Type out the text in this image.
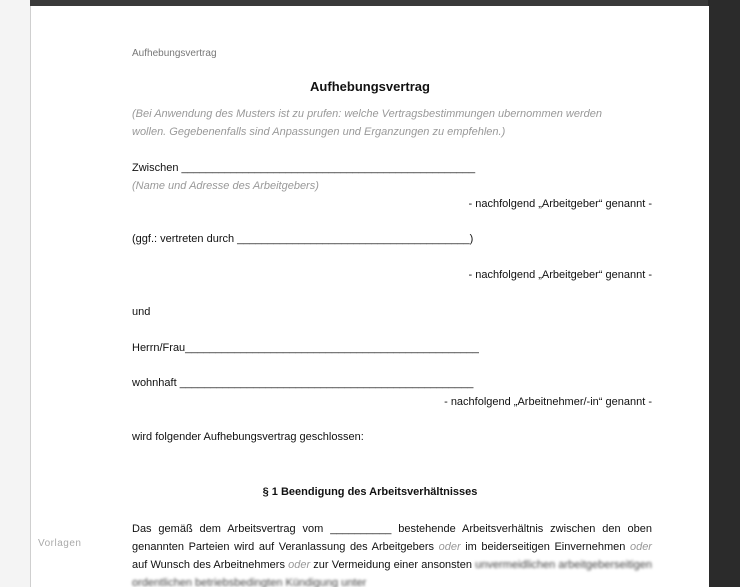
Aufhebungsvertrag
Aufhebungsvertrag
(Bei Anwendung des Musters ist zu prufen: welche Vertragsbestimmungen ubernommen werden
wollen. Gegebenenfalls sind Anpassungen und Erganzungen zu empfehlen.)
Zwischen ________________________________________________
(Name und Adresse des Arbeitgebers)
- nachfolgend „Arbeitgeber“ genannt -
(ggf.: vertreten durch ______________________________________)
- nachfolgend „Arbeitgeber“ genannt -
und
Herrn/Frau________________________________________________
wohnhaft ________________________________________________
- nachfolgend „Arbeitnehmer/-in“ genannt -
wird folgender Aufhebungsvertrag geschlossen:
§ 1 Beendigung des Arbeitsverhältnisses
Das gemäß dem Arbeitsvertrag vom __________ bestehende Arbeitsverhältnis zwischen den oben genannten Parteien wird auf Veranlassung des Arbeitgebers oder im beiderseitigen Einvernehmen oder auf Wunsch des Arbeitnehmers oder zur Vermeidung einer ansonsten unvermeidlichen arbeitgeberseitigen ordentlichen betriebsbedingten Kündigung unter
Vorlagen
